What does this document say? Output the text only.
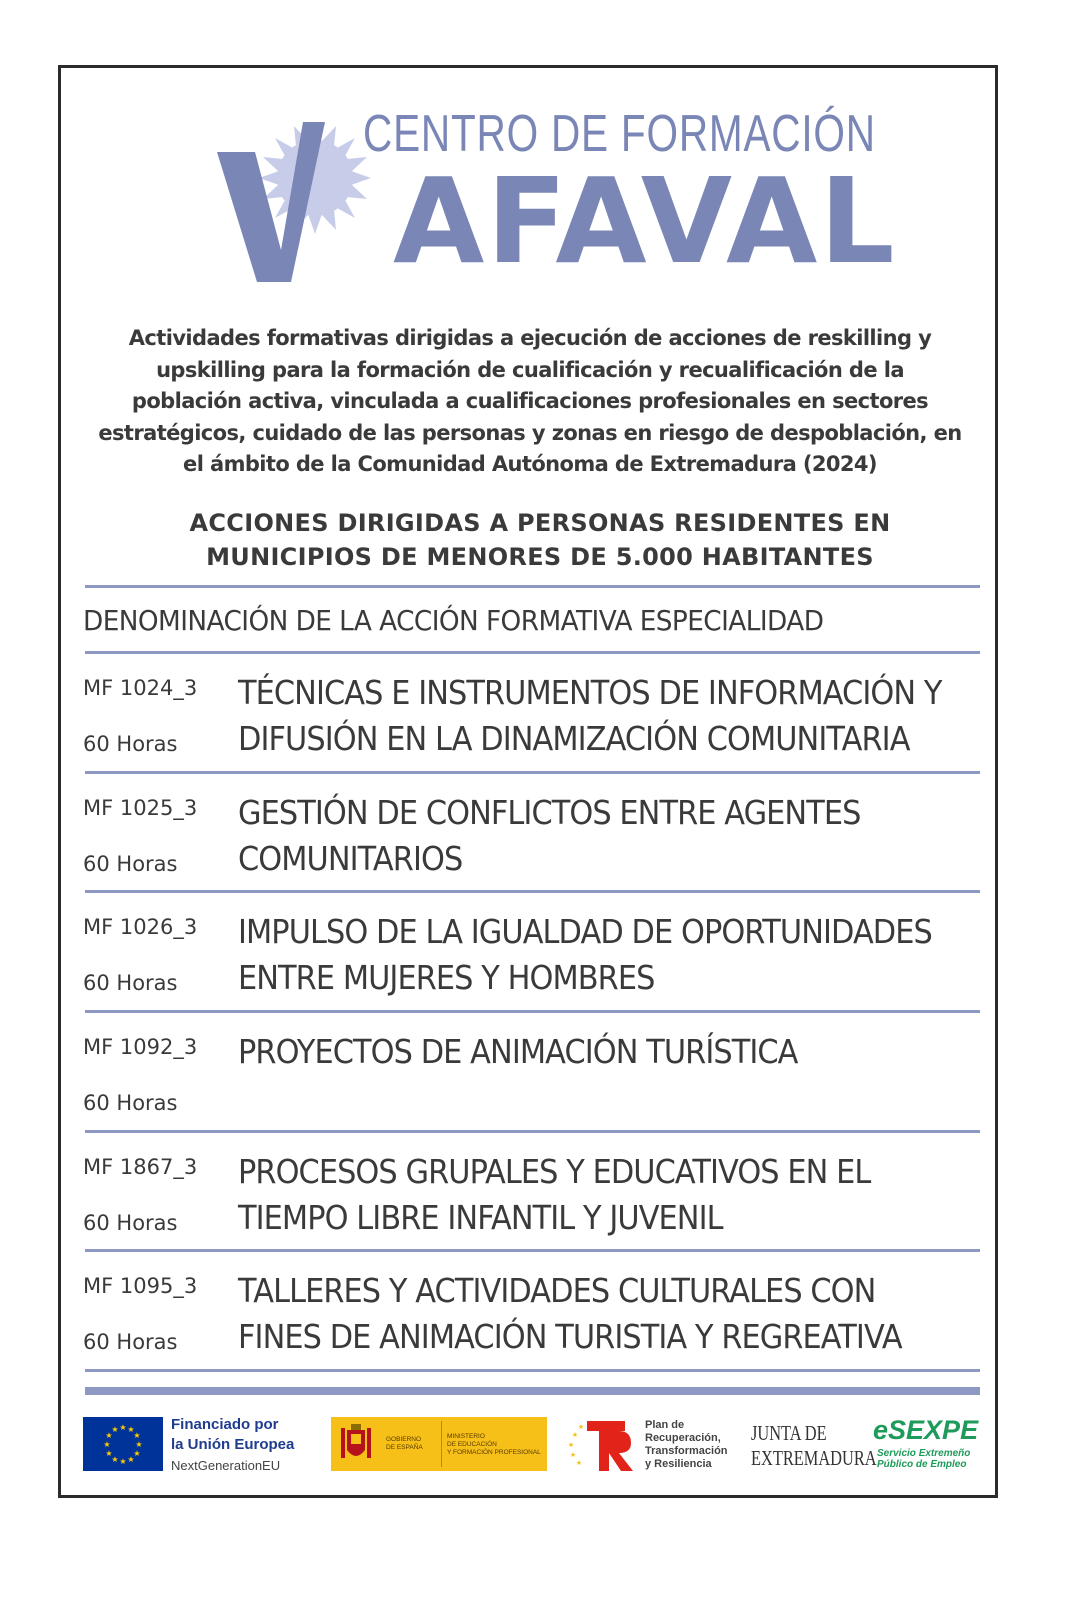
CENTRO DE FORMACIÓN
AFAVAL
Actividades formativas dirigidas a ejecución de acciones de reskilling y
upskilling para la formación de cualificación y recualificación de la
población activa, vinculada a cualificaciones profesionales en sectores
estratégicos, cuidado de las personas y zonas en riesgo de despoblación, en
el ámbito de la Comunidad Autónoma de Extremadura (2024)
ACCIONES DIRIGIDAS A PERSONAS RESIDENTES EN
MUNICIPIOS DE MENORES DE 5.000 HABITANTES
DENOMINACIÓN DE LA ACCIÓN FORMATIVA ESPECIALIDAD
MF 1024_3
60 Horas
TÉCNICAS E INSTRUMENTOS DE INFORMACIÓN Y
DIFUSIÓN EN LA DINAMIZACIÓN COMUNITARIA
MF 1025_3
60 Horas
GESTIÓN DE CONFLICTOS ENTRE AGENTES
COMUNITARIOS
MF 1026_3
60 Horas
IMPULSO DE LA IGUALDAD DE OPORTUNIDADES
ENTRE MUJERES Y HOMBRES
MF 1092_3
60 Horas
PROYECTOS DE ANIMACIÓN TURÍSTICA
MF 1867_3
60 Horas
PROCESOS GRUPALES Y EDUCATIVOS EN EL
TIEMPO LIBRE INFANTIL Y JUVENIL
MF 1095_3
60 Horas
TALLERES Y ACTIVIDADES CULTURALES CON
FINES DE ANIMACIÓN TURISTIA Y REGREATIVA
★ ★
★
★
★
★
★
★
★
★
★
★	Financiado por
la Unión Europea
NextGenerationEU
GOBIERNO
DE ESPAÑA
MINISTERIO
DE EDUCACIÓN
Y FORMACIÓN PROFESIONAL
★
★
★
★
★	Plan de
Recuperación,
Transformación
y Resiliencia
JUNTA DE
EXTREMADURA
eSEXPE
Servicio Extremeño
Público de Empleo
